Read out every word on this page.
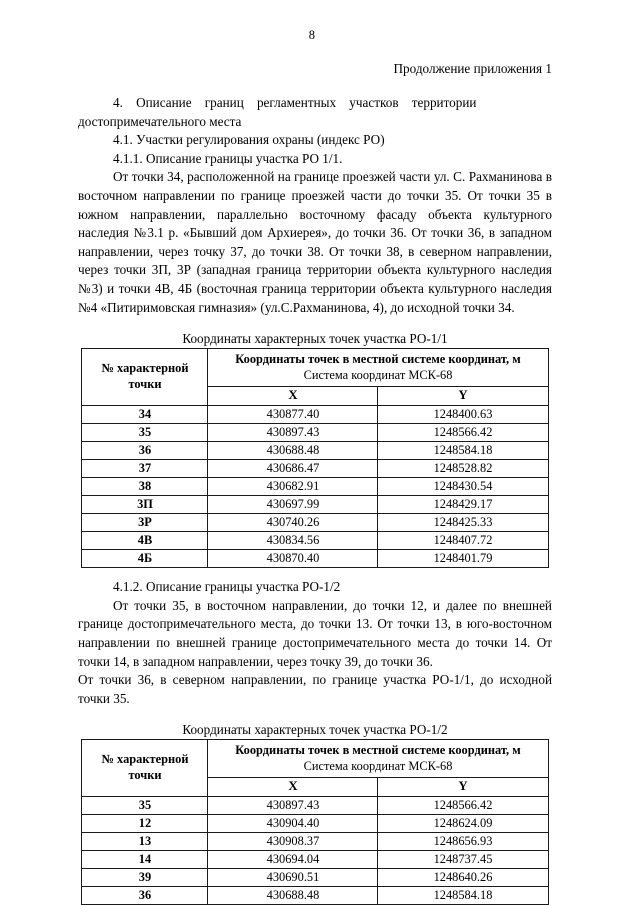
8
Продолжение приложения 1

4. Описание границ регламентных участков территории достопримечательного места

4.1. Участки регулирования охраны (индекс РО)

4.1.1. Описание границы участка РО 1/1.

От точки 34, расположенной на границе проезжей части ул. С. Рахманинова в восточном направлении по границе проезжей части до точки 35. От точки 35 в южном направлении, параллельно восточному фасаду объекта культурного наследия №3.1 р. «Бывший дом Архиерея», до точки 36. От точки 36, в западном направлении, через точку 37, до точки 38. От точки 38, в северном направлении, через точки 3П, 3Р (западная граница территории объекта культурного наследия №3) и точки 4В, 4Б (восточная граница территории объекта культурного наследия №4 «Питиримовская гимназия» (ул.С.Рахманинова, 4), до исходной точки 34.

Координаты характерных точек участка РО-1/1
№ характерной точки	Координаты точек в местной системе координат, м
Система координат МСК-68	

	X	Y
34	430877.40	1248400.63
35	430897.43	1248566.42
36	430688.48	1248584.18
37	430686.47	1248528.82
38	430682.91	1248430.54
3П	430697.99	1248429.17
3Р	430740.26	1248425.33
4В	430834.56	1248407.72
4Б	430870.40	1248401.79

4.1.2. Описание границы участка РО-1/2

От точки 35, в восточном направлении, до точки 12, и далее по внешней границе достопримечательного места, до точки 13. От точки 13, в юго-восточном направлении по внешней границе достопримечательного места до точки 14. От точки 14, в западном направлении, через точку 39, до точки 36.

От точки 36, в северном направлении, по границе участка РО-1/1, до исходной точки 35.

Координаты характерных точек участка РО-1/2
№ характерной точки	Координаты точек в местной системе координат, м
Система координат МСК-68	

	X	Y
35	430897.43	1248566.42
12	430904.40	1248624.09
13	430908.37	1248656.93
14	430694.04	1248737.45
39	430690.51	1248640.26
36	430688.48	1248584.18
